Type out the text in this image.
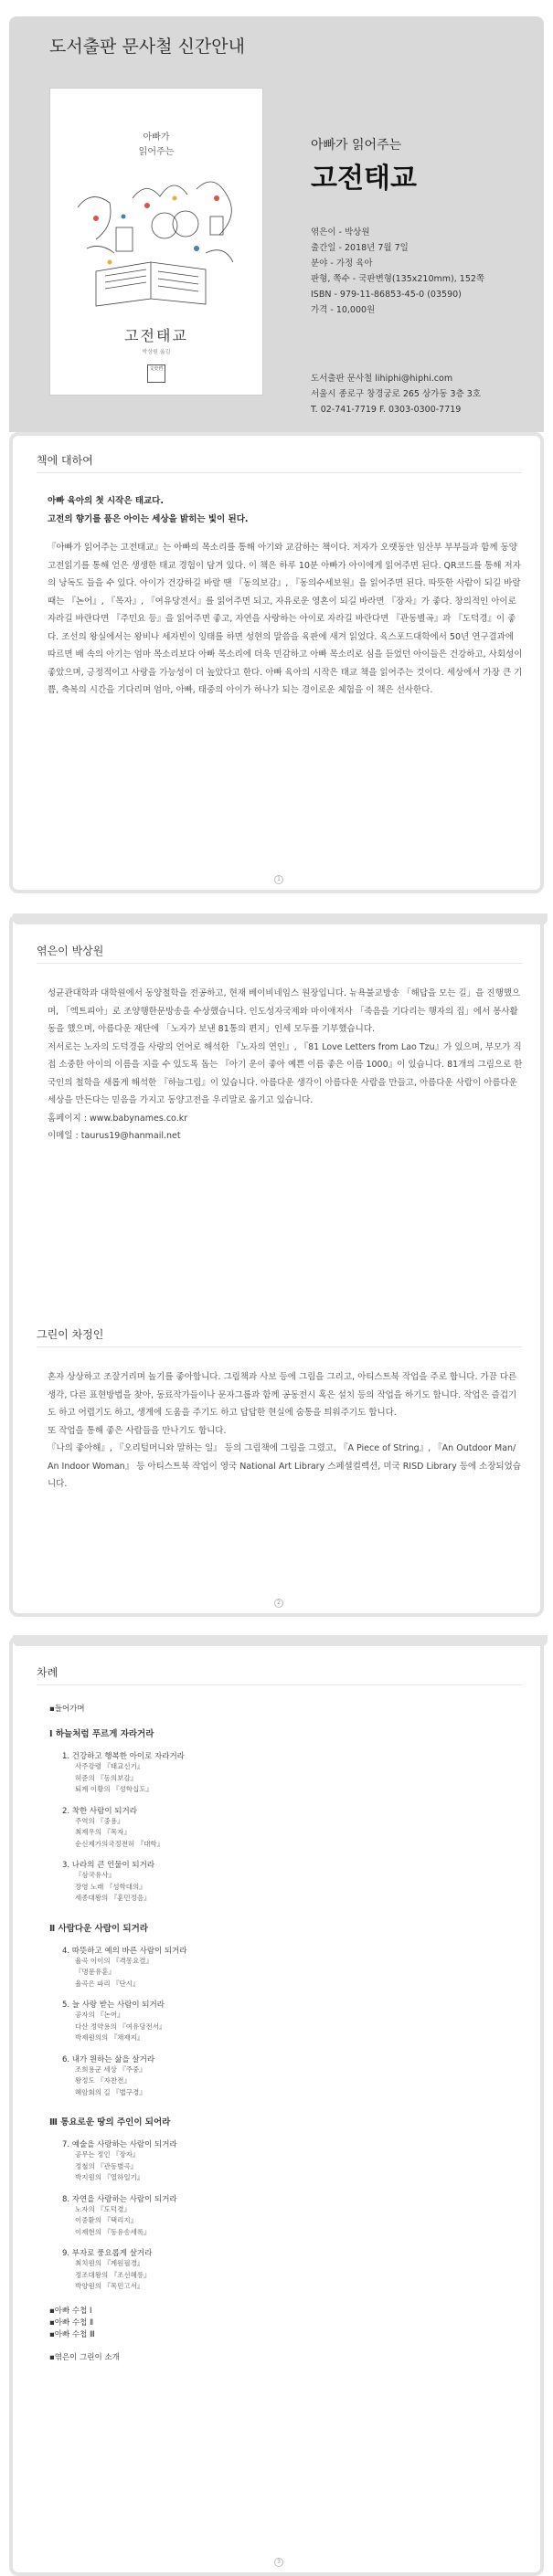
도서출판 문사철 신간안내
아빠가
읽어주는
고전태교
박상원 옮김
文史哲
아빠가 읽어주는
고전태교
엮은이 - 박상원
출간일 - 2018년 7월 7일
분야 - 가정 육아
판형, 쪽수 - 국판변형(135x210mm), 152쪽
ISBN - 979-11-86853-45-0 (03590)
가격 - 10,000원
도서출판 문사철 lihiphi@hiphi.com
서울시 종로구 창경궁로 265 상가동 3층 3호
T. 02-741-7719 F. 0303-0300-7719
책에 대하여

아빠 육아의 첫 시작은 태교다.

고전의 향기를 품은 아이는 세상을 밝히는 빛이 된다.

『아빠가 읽어주는 고전태교』는 아빠의 목소리를 통해 아기와 교감하는 책이다. 저자가 오랫동안 임산부 부부들과 함께 동양고전읽기를 통해 얻은 생생한 태교 경험이 담겨 있다. 이 책은 하루 10분 아빠가 아이에게 읽어주면 된다. QR코드를 통해 저자의 낭독도 들을 수 있다. 아이가 건강하길 바랄 땐 『동의보감』, 『동의수세보원』을 읽어주면 된다. 따뜻한 사람이 되길 바랄 때는 『논어』, 『목자』, 『여유당전서』를 읽어주면 되고, 자유로운 영혼이 되길 바라면 『장자』가 좋다. 창의적인 아이로 자라길 바란다면 『주민요 등』을 읽어주면 좋고, 자연을 사랑하는 아이로 자라길 바란다면 『관동별곡』과 『도덕경』이 좋다. 조선의 왕실에서는 왕비나 세자빈이 잉태를 하면 성현의 말씀을 육판에 새겨 읽었다. 육스포드대학에서 50년 연구결과에 따르면 배 속의 아기는 엄마 목소리보다 아빠 목소리에 더욱 민감하고 아빠 목소리로 심을 듣었던 아이들은 건강하고, 사회성이 좋았으며, 긍정적이고 사랑을 가능성이 더 높았다고 한다. 아빠 육아의 시작은 태교 책을 읽어주는 것이다. 세상에서 가장 큰 기쁨, 축복의 시간을 기다리며 엄마, 아빠, 태중의 아이가 하나가 되는 경이로운 체험을 이 책은 선사한다.

1
엮은이 박상원

성균관대학과 대학원에서 동양철학을 전공하고, 현재 베이비네임스 원장입니다. 뉴욕불교방송 「해답을 모는 길」을 진행했으며, 「엑트피아」로 조양행한문방송을 수상했습니다. 인도성자국제와 마이애저사 「죽음을 기다리는 행자의 집」에서 봉사활동을 했으며, 아름다운 재단에 「노자가 보낸 81통의 편지」인세 모두를 기부했습니다.

저서로는 노자의 도덕경을 사랑의 언어로 해석한 『노자의 연인』, 『81 Love Letters from Lao Tzu』가 있으며, 부모가 직접 소중한 아이의 이름을 지을 수 있도록 돕는 『아기 운이 좋아 예쁜 이름 좋은 이름 1000』이 있습니다. 81개의 그림으로 한국인의 철학을 새롭게 해석한 『하늘그림』이 있습니다. 아름다운 생각이 아름다운 사람을 만들고, 아름다운 사람이 아름다운 세상을 만든다는 믿음을 가지고 동양고전을 우리말로 옮기고 있습니다.

홈페이지 : www.babynames.co.kr

이메일 : taurus19@hanmail.net

그린이 차정인

혼자 상상하고 조잘거리며 놀기를 좋아합니다. 그림책과 사보 등에 그림을 그리고, 아티스트북 작업을 주로 합니다. 가끔 다른 생각, 다른 표현방법을 찾아, 동료작가들이나 문자그룹과 함께 공동전시 혹은 설치 등의 작업을 하기도 합니다. 작업은 즐겁기도 하고 어렵기도 하고, 생계에 도움을 주기도 하고 답답한 현실에 숨통을 틔워주기도 합니다.

또 작업을 통해 좋은 사람들을 만나기도 합니다.

『나의 좋아해』, 『오리털머니와 말하는 일』 등의 그림책에 그림을 그렸고, 『A Piece of String』, 『An Outdoor Man/ An Indoor Woman』 등 아티스트북 작업이 영국 National Art Library 스페셜컬렉션, 미국 RISD Library 등에 소장되었습니다.

2
차례
▪들어가며
Ⅰ 하늘처럼 푸르게 자라거라
1. 건강하고 행복한 아이로 자라거라
사주강령 『태교신기』
허준의 『동의보감』
퇴계 이황의 『성학십도』
2. 착한 사람이 되거라
주역의 『중용』
최제우의 『목자』
순신제가의국정전허 『대학』
3. 나라의 큰 인물이 되거라
『삼국유사』
장영 노래 『성학대의』
세종대왕의 『훈민정음』
Ⅱ 사람다운 사람이 되거라
4. 따뜻하고 예의 바른 사람이 되거라
율곡 이이의 『격몽요결』
『명문유훈』
율곡은 파리 『단시』
5. 늘 사랑 받는 사람이 되거라
공자의 『논어』
다산 정약용의 『여유당전서』
박제원의의 『채제지』
6. 내가 원하는 삶을 살거라
조희용군 세상 『주중』
왕정도 『자찬전』
혜암회의 길 『법구경』
Ⅲ 통요로운 땅의 주인이 되어라
7. 예술을 사랑하는 사람이 되거라
공무는 정인 『장자』
정철의 『관동별곡』
박지원의 『열하일기』
8. 자연을 사랑하는 사람이 되거라
노자의 『도덕경』
이중환의 『택리지』
이제현의 『동유송세록』
9. 부자로 풍요롭게 살거라
최치원의 『계원필경』
정조대왕의 『조선혜릉』
박양원의 『목민고서』
▪아빠 수첩 Ⅰ
▪아빠 수첩 Ⅱ
▪아빠 수첩 Ⅲ
▪엮은이 그린이 소개
3
